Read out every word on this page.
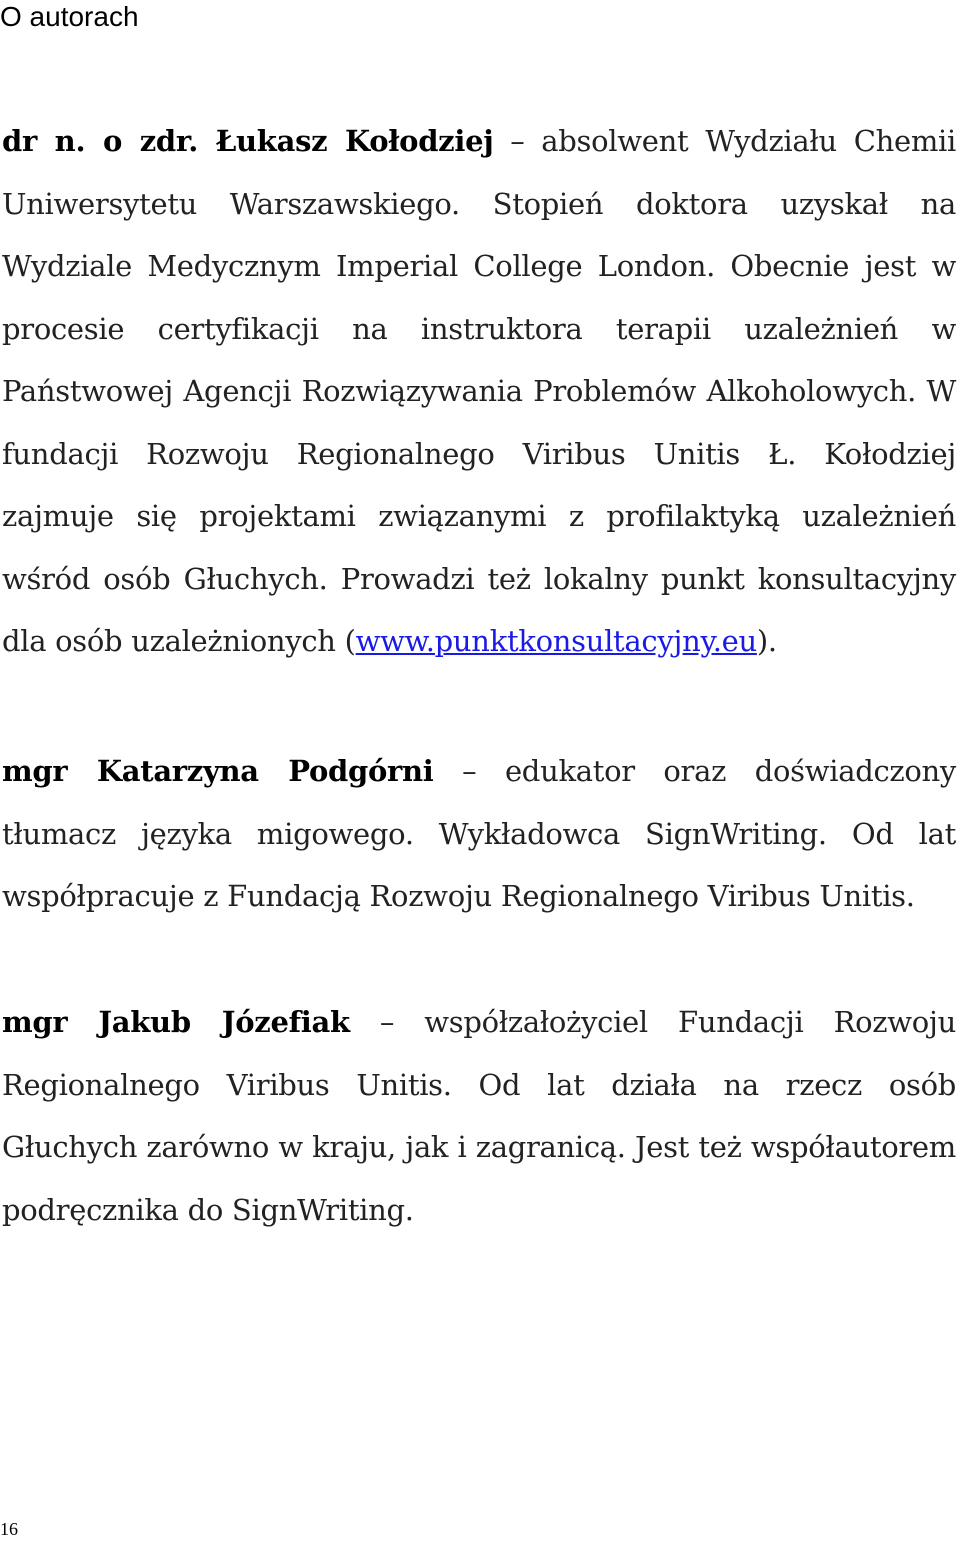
O autorach

dr n. o zdr. Łukasz Kołodziej – absolwent Wydziału Chemii Uniwersytetu Warszawskiego. Stopień doktora uzyskał na Wydziale Medycznym Imperial College London. Obecnie jest w procesie certyfikacji na instruktora terapii uzależnień w Państwowej Agencji Rozwiązywania Problemów Alkoholowych. W fundacji Rozwoju Regionalnego Viribus Unitis Ł. Kołodziej zajmuje się projektami związanymi z profilaktyką uzależnień wśród osób Głuchych. Prowadzi też lokalny punkt konsultacyjny dla osób uzależnionych (www.punktkonsultacyjny.eu).

mgr Katarzyna Podgórni – edukator oraz doświadczony tłumacz języka migowego. Wykładowca SignWriting. Od lat współpracuje z Fundacją Rozwoju Regionalnego Viribus Unitis.

mgr Jakub Józefiak – współzałożyciel Fundacji Rozwoju Regionalnego Viribus Unitis. Od lat działa na rzecz osób Głuchych zarówno w kraju, jak i zagranicą. Jest też współautorem podręcznika do SignWriting.

16
